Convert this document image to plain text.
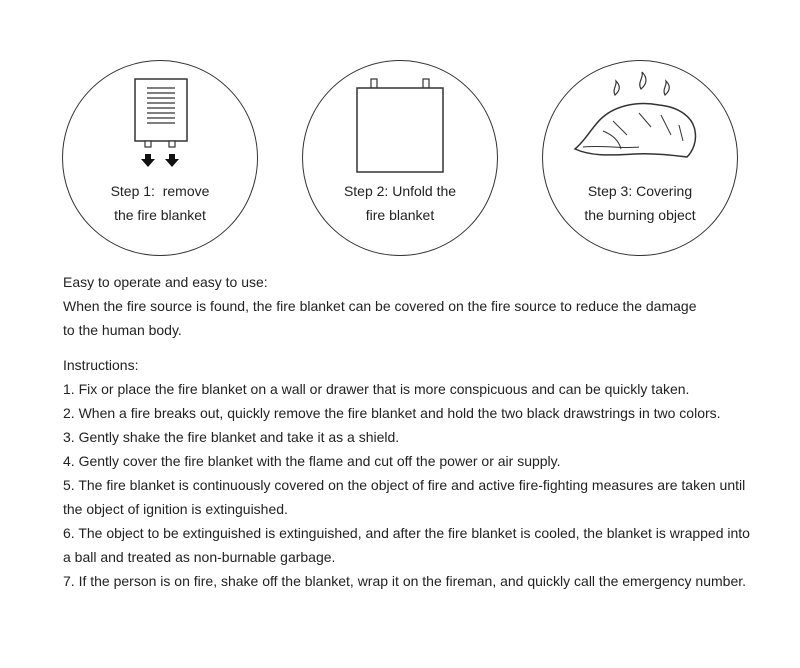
Step 1:  remove
the fire blanket
Step 2: Unfold the
fire blanket
Step 3: Covering
the burning object

Easy to operate and easy to use:

When the fire source is found, the fire blanket can be covered on the fire source to reduce the damage

to the human body.

Instructions:

1. Fix or place the fire blanket on a wall or drawer that is more conspicuous and can be quickly taken.

2. When a fire breaks out, quickly remove the fire blanket and hold the two black drawstrings in two colors.

3. Gently shake the fire blanket and take it as a shield.

4. Gently cover the fire blanket with the flame and cut off the power or air supply.

5. The fire blanket is continuously covered on the object of fire and active fire-fighting measures are taken until

the object of ignition is extinguished.

6. The object to be extinguished is extinguished, and after the fire blanket is cooled, the blanket is wrapped into

a ball and treated as non-burnable garbage.

7. If the person is on fire, shake off the blanket, wrap it on the fireman, and quickly call the emergency number.
